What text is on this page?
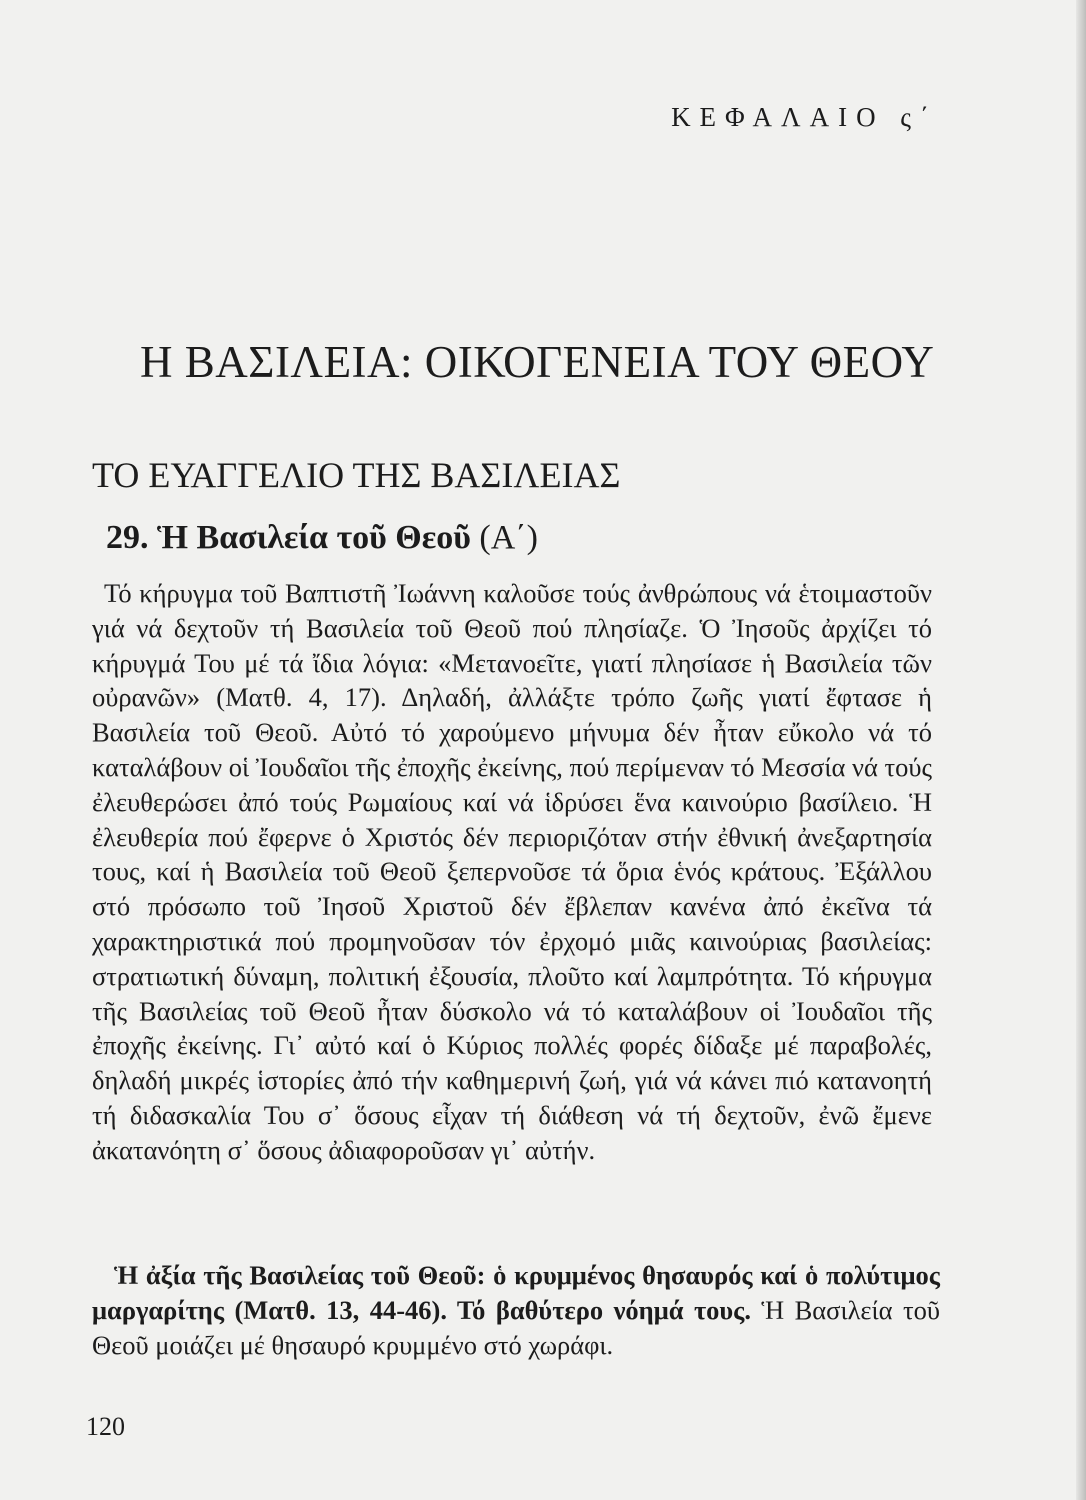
ΚΕΦΑΛΑΙΟ ς΄
Η ΒΑΣΙΛΕΙΑ: ΟΙΚΟΓΕΝΕΙΑ ΤΟΥ ΘΕΟΥ
ΤΟ ΕΥΑΓΓΕΛΙΟ ΤΗΣ ΒΑΣΙΛΕΙΑΣ
29. Ἡ Βασιλεία τοῦ Θεοῦ (Α΄)

Τό κήρυγμα τοῦ Βαπτιστῆ Ἰωάννη καλοῦσε τούς ἀνθρώπους νά ἑτοιμαστοῦν γιά νά δεχτοῦν τή Βασιλεία τοῦ Θεοῦ πού πλησίαζε. Ὁ Ἰησοῦς ἀρχίζει τό κήρυγμά Του μέ τά ἴδια λόγια: «Μετανοεῖτε, γιατί πλησίασε ἡ Βασιλεία τῶν οὐρανῶν» (Ματθ. 4, 17). Δηλαδή, ἀλλάξτε τρόπο ζωῆς γιατί ἔφτασε ἡ Βασιλεία τοῦ Θεοῦ. Αὐτό τό χαρούμενο μήνυμα δέν ἦταν εὔκολο νά τό καταλάβουν οἱ Ἰουδαῖοι τῆς ἐποχῆς ἐκείνης, πού περίμεναν τό Μεσσία νά τούς ἐλευθερώσει ἀπό τούς Ρωμαίους καί νά ἱδρύσει ἕνα καινούριο βασίλειο. Ἡ ἐλευθερία πού ἔφερνε ὁ Χριστός δέν περιοριζόταν στήν ἐθνική ἀνεξαρτησία τους, καί ἡ Βασιλεία τοῦ Θεοῦ ξεπερνοῦσε τά ὅρια ἑνός κράτους. Ἐξάλλου στό πρόσωπο τοῦ Ἰησοῦ Χριστοῦ δέν ἔβλεπαν κανένα ἀπό ἐκεῖνα τά χαρακτηριστικά πού προμηνοῦσαν τόν ἐρχομό μιᾶς καινούριας βασιλείας: στρατιωτική δύναμη, πολιτική ἐξουσία, πλοῦτο καί λαμπρότητα. Τό κήρυγμα τῆς Βασιλείας τοῦ Θεοῦ ἦταν δύσκολο νά τό καταλάβουν οἱ Ἰουδαῖοι τῆς ἐποχῆς ἐκείνης. Γι᾽ αὐτό καί ὁ Κύριος πολλές φορές δίδαξε μέ παραβολές, δηλαδή μικρές ἱστορίες ἀπό τήν καθημερινή ζωή, γιά νά κάνει πιό κατανοητή τή διδασκαλία Του σ᾽ ὅσους εἶχαν τή διάθεση νά τή δεχτοῦν, ἐνῶ ἔμενε ἀκατανόητη σ᾽ ὅσους ἀδιαφοροῦσαν γι᾽ αὐτήν.

Ἡ ἀξία τῆς Βασιλείας τοῦ Θεοῦ: ὁ κρυμμένος θησαυρός καί ὁ πολύτιμος μαργαρίτης (Ματθ. 13, 44-46). Τό βαθύτερο νόημά τους. Ἡ Βασιλεία τοῦ Θεοῦ μοιάζει μέ θησαυρό κρυμμένο στό χωράφι.

120
